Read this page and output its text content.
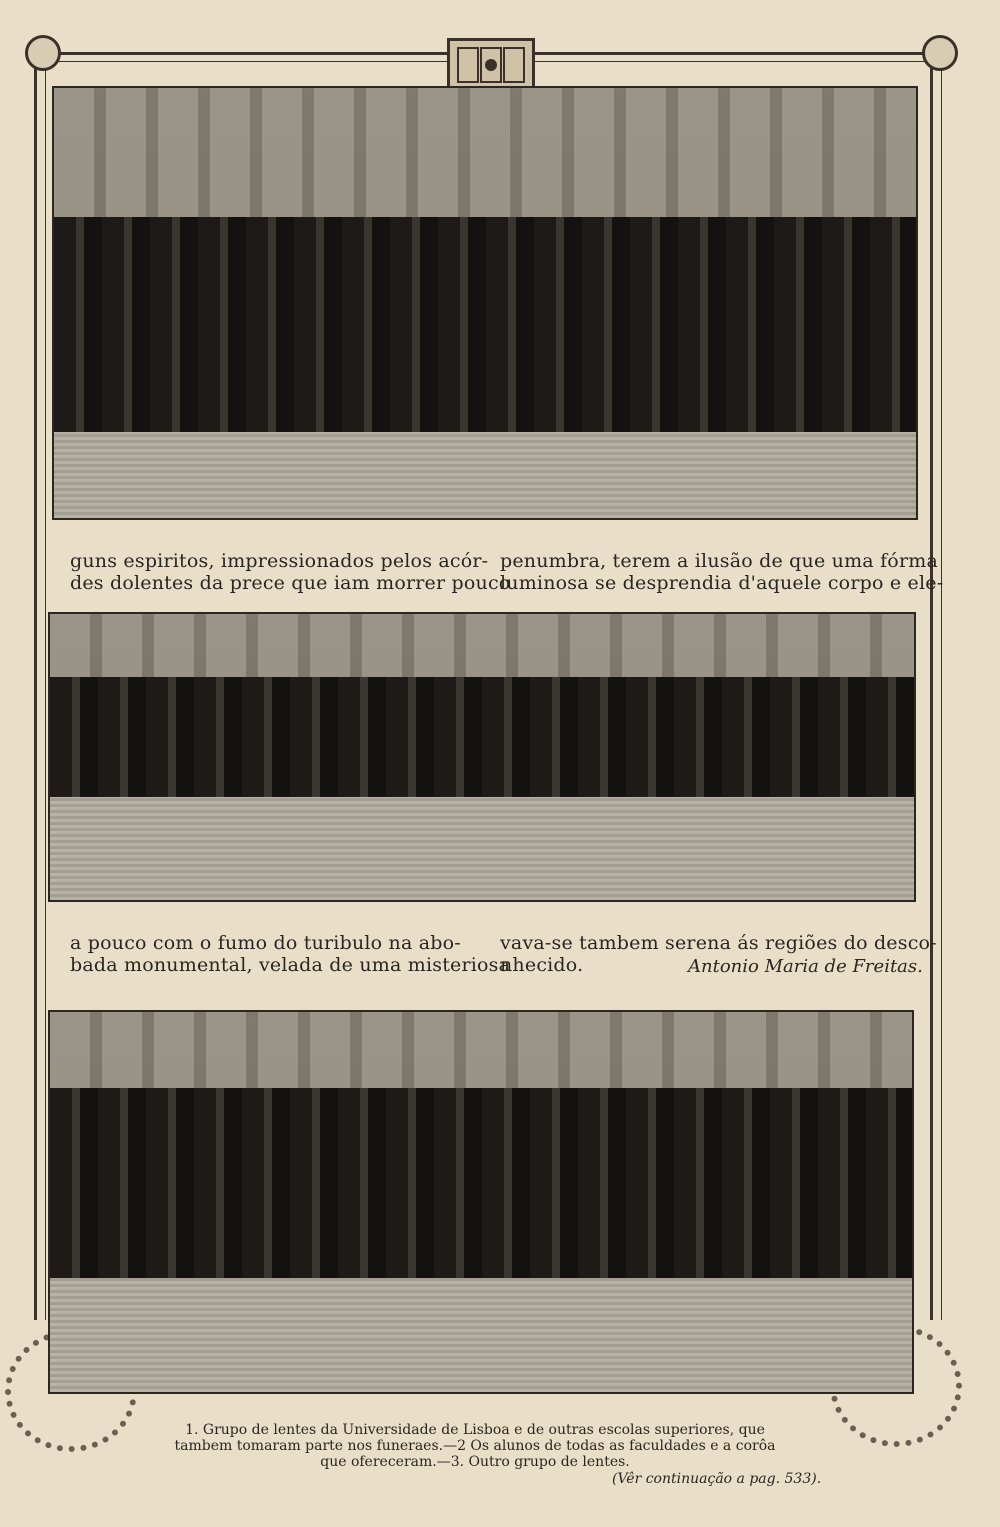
guns espiritos, impressionados pelos acór-
des dolentes da prece que iam morrer pouco
penumbra, terem a ilusão de que uma fórma
luminosa se desprendia d'aquele corpo e ele-
a pouco com o fumo do turibulo na abo-
bada monumental, velada de uma misteriosa
vava-se tambem serena ás regiões do desco-
nhecido.	Antonio Maria de Freitas.
1. Grupo de lentes da Universidade de Lisboa e de outras escolas superiores, que
tambem tomaram parte nos funeraes.—2 Os alunos de todas as faculdades e a corôa
que ofereceram.—3. Outro grupo de lentes.
(Vêr continuação a pag. 533).
